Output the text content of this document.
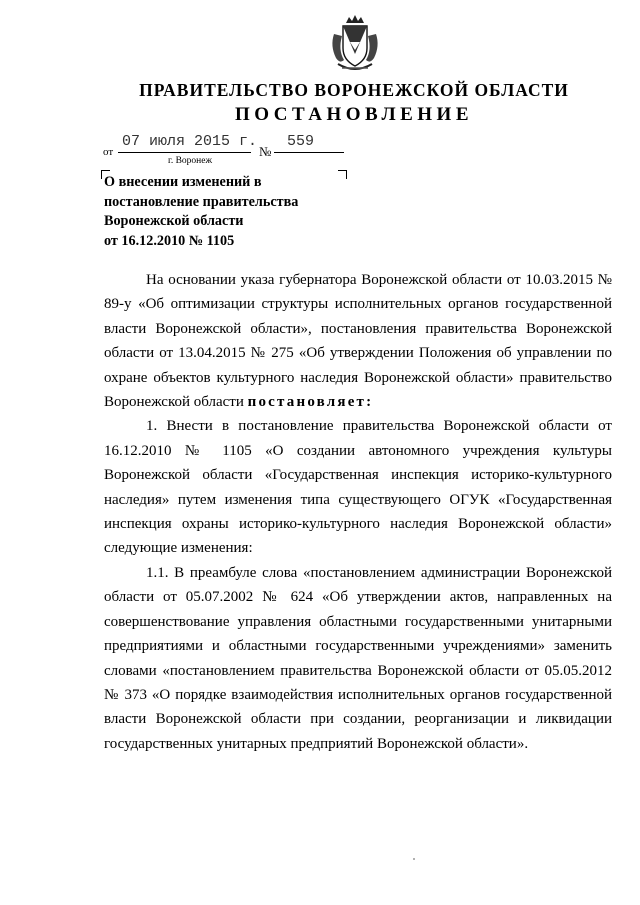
ПРАВИТЕЛЬСТВО ВОРОНЕЖСКОЙ ОБЛАСТИ
ПОСТАНОВЛЕНИЕ
от
07 июля 2015 г.
№
559
г. Воронеж
О внесении изменений в
постановление правительства
Воронежской области
от 16.12.2010 № 1105

На основании указа губернатора Воронежской области от 10.03.2015 № 89-у «Об оптимизации структуры исполнительных органов государственной власти Воронежской области», постановления правительства Воронежской области от 13.04.2015 № 275 «Об утверждении Положения об управлении по охране объектов культурного наследия Воронежской области» правительство Воронежской области постановляет:

1. Внести в постановление правительства Воронежской области от 16.12.2010 № 1105 «О создании автономного учреждения культуры Воронежской области «Государственная инспекция историко-культурного наследия» путем изменения типа существующего ОГУК «Государственная инспекция охраны историко-культурного наследия Воронежской области» следующие изменения:

1.1. В преамбуле слова «постановлением администрации Воронежской области от 05.07.2002 № 624 «Об утверждении актов, направленных на совершенствование управления областными государственными унитарными предприятиями и областными государственными учреждениями» заменить словами «постановлением правительства Воронежской области от 05.05.2012 № 373 «О порядке взаимодействия исполнительных органов государственной власти Воронежской области при создании, реорганизации и ликвидации государственных унитарных предприятий Воронежской области».
